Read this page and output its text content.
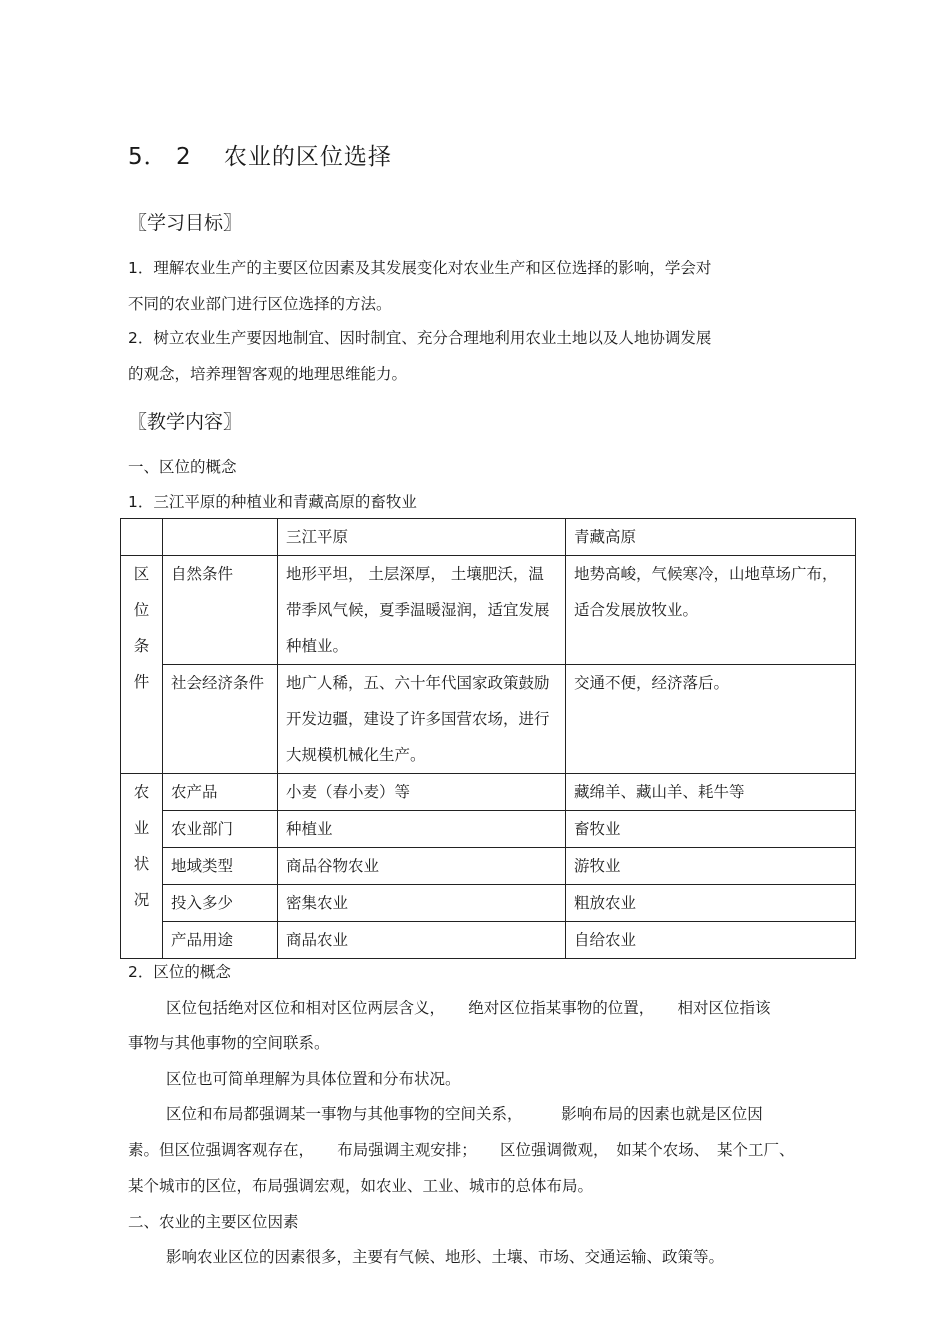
5． 2　 农业的区位选择
〖学习目标〗
1．理解农业生产的主要区位因素及其发展变化对农业生产和区位选择的影响，学会对
不同的农业部门进行区位选择的方法。
2．树立农业生产要因地制宜、因时制宜、充分合理地利用农业土地以及人地协调发展
的观念，培养理智客观的地理思维能力。
〖教学内容〗
一、区位的概念
1．三江平原的种植业和青藏高原的畜牧业
		三江平原	青藏高原

区位条件	自然条件	地形平坦， 土层深厚， 土壤肥沃，温带季风气候，夏季温暖湿润，适宜发展种植业。	地势高峻，气候寒冷，山地草场广布，适合发展放牧业。
	社会经济条件	地广人稀，五、六十年代国家政策鼓励开发边疆，建设了许多国营农场，进行大规模机械化生产。	交通不便，经济落后。

农业状况	农产品	小麦（春小麦）等	藏绵羊、藏山羊、耗牛等
	农业部门	种植业	畜牧业
	地域类型	商品谷物农业	游牧业
	投入多少	密集农业	粗放农业
	产品用途	商品农业	自给农业
2．区位的概念
区位包括绝对区位和相对区位两层含义，　　绝对区位指某事物的位置，　　相对区位指该
事物与其他事物的空间联系。
区位也可简单理解为具体位置和分布状况。
区位和布局都强调某一事物与其他事物的空间关系，　　　影响布局的因素也就是区位因
素。但区位强调客观存在，　　布局强调主观安排；　　区位强调微观，　如某个农场、　某个工厂、
某个城市的区位，布局强调宏观，如农业、工业、城市的总体布局。
二、农业的主要区位因素
影响农业区位的因素很多，主要有气候、地形、土壤、市场、交通运输、政策等。
